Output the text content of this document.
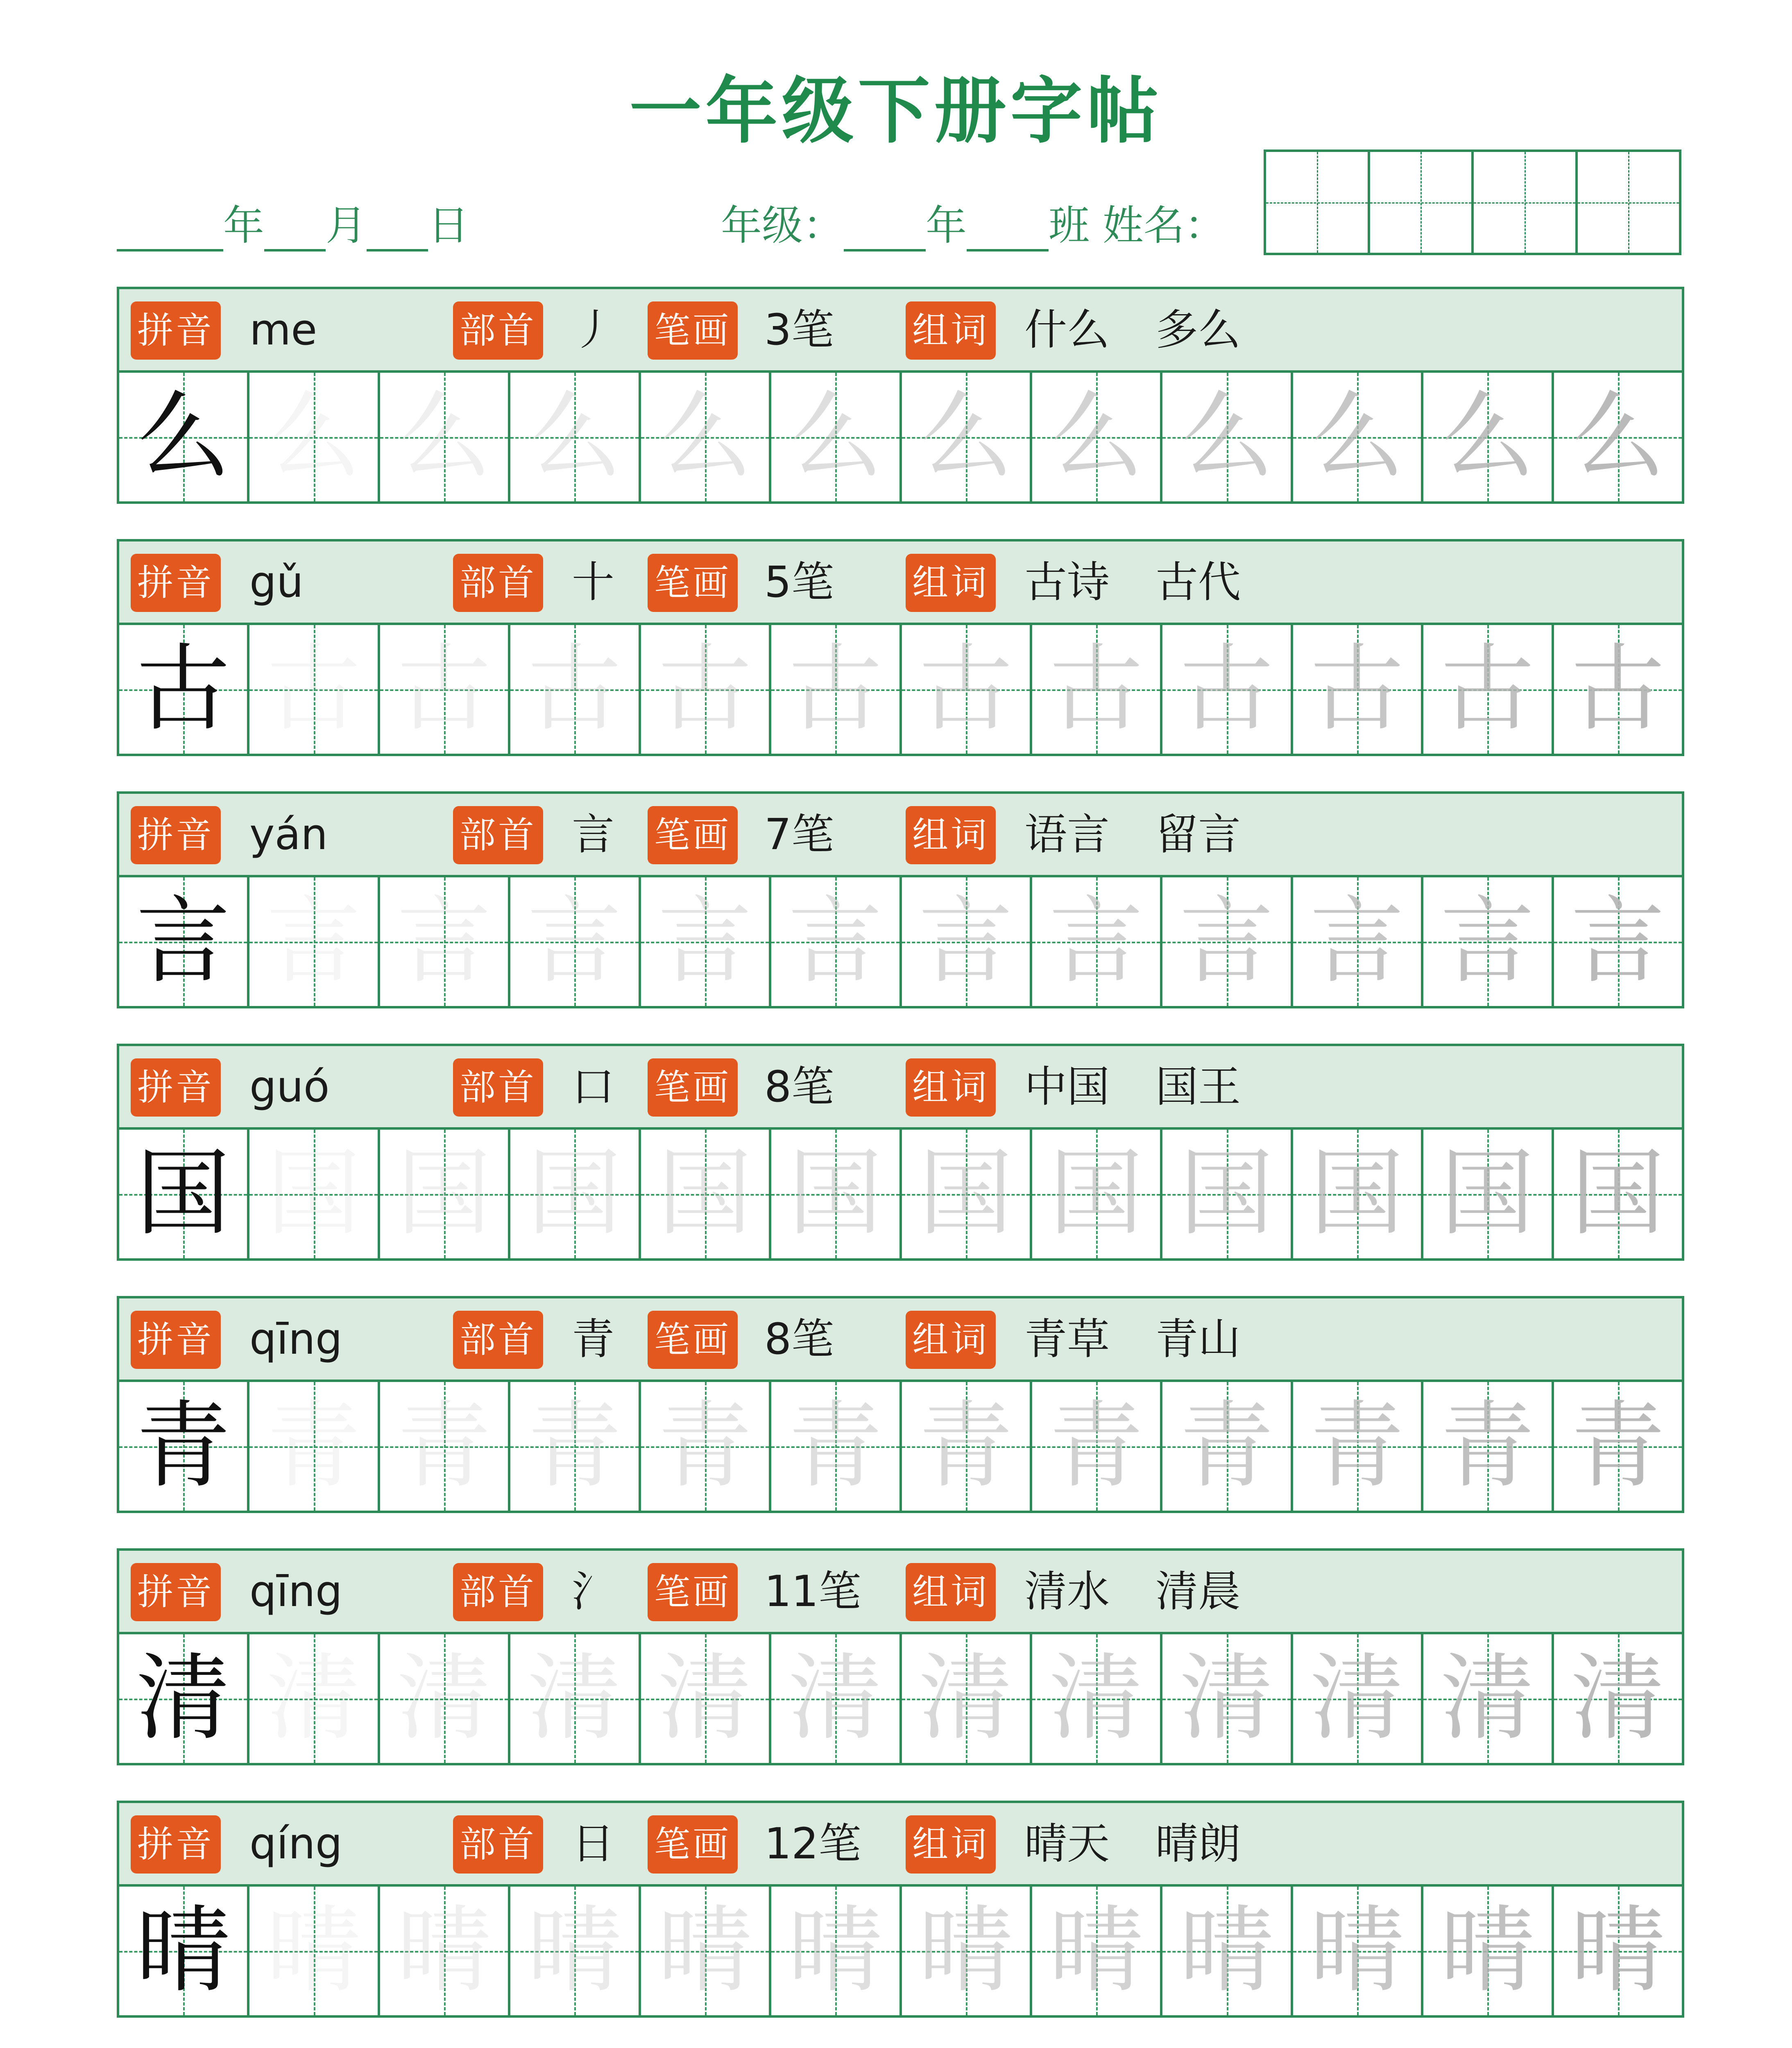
一年级下册字帖
年 月 日	年级： 年 班 姓名：
拼音 me	部首 丿 笔画 3笔 组词 什么 多么
么 么 么 么 么 么 么 么 么 么 么 么
拼音 gǔ	部首 十 笔画 5笔 组词 古诗 古代
古 古 古 古 古 古 古 古 古 古 古 古
拼音 yán	部首 言 笔画 7笔 组词 语言 留言
言 言 言 言 言 言 言 言 言 言 言 言
拼音 guó	部首 口 笔画 8笔 组词 中国 国王
国 国 国 国 国 国 国 国 国 国 国 国
拼音 qīng	部首 青 笔画 8笔 组词 青草 青山
青 青 青 青 青 青 青 青 青 青 青 青
拼音 qīng	部首 氵 笔画 11笔 组词 清水 清晨
清 清 清 清 清 清 清 清 清 清 清 清
拼音 qíng	部首 日 笔画 12笔 组词 晴天 晴朗
晴 晴 晴 晴 晴 晴 晴 晴 晴 晴 晴 晴
